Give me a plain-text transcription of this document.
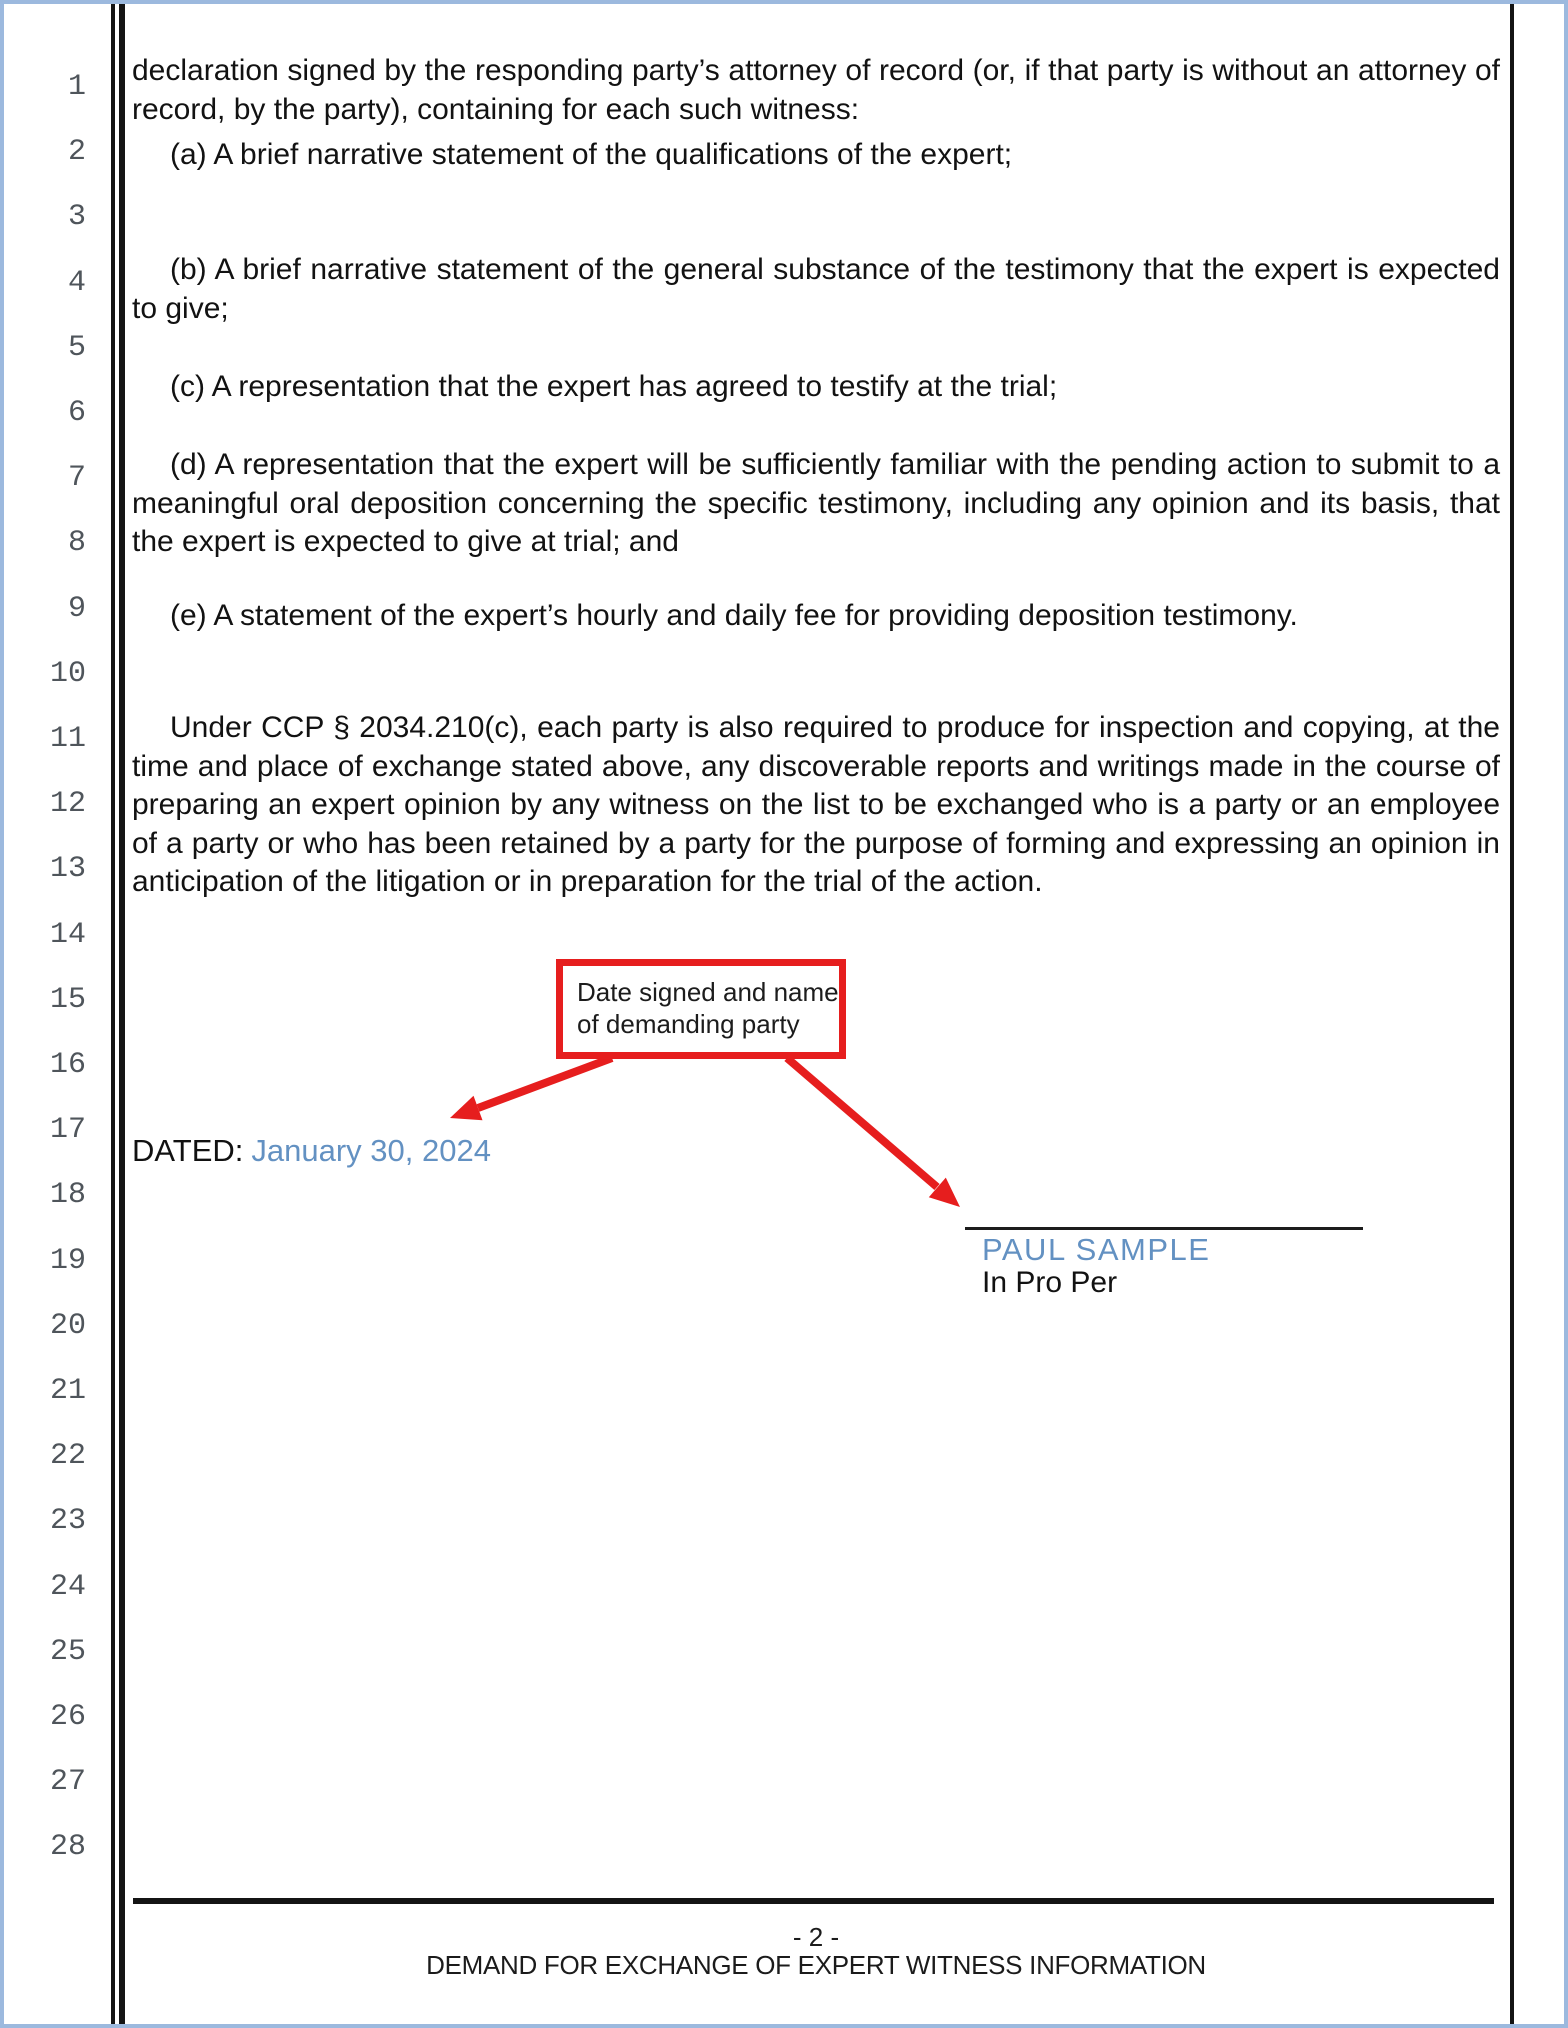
1
2
3
4
5
6
7
8
9
10
11
12
13
14
15
16
17
18
19
20
21
22
23
24
25
26
27
28
declaration signed by the responding party’s attorney of record (or, if that party is without an attorney of record, by the party), containing for each such witness:
(a) A brief narrative statement of the qualifications of the expert;
(b) A brief narrative statement of the general substance of the testimony that the expert is expected to give;
(c) A representation that the expert has agreed to testify at the trial;
(d) A representation that the expert will be sufficiently familiar with the pending action to submit to a meaningful oral deposition concerning the specific testimony, including any opinion and its basis, that the expert is expected to give at trial; and
(e) A statement of the expert’s hourly and daily fee for providing deposition testimony.
Under CCP § 2034.210(c), each party is also required to produce for inspection and copying, at the time and place of exchange stated above, any discoverable reports and writings made in the course of preparing an expert opinion by any witness on the list to be exchanged who is a party or an employee of a party or who has been retained by a party for the purpose of forming and expressing an opinion in anticipation of the litigation or in preparation for the trial of the action.
Date signed and name of demanding party
DATED: January 30, 2024
PAUL SAMPLE
In Pro Per
- 2 -
DEMAND FOR EXCHANGE OF EXPERT WITNESS INFORMATION
